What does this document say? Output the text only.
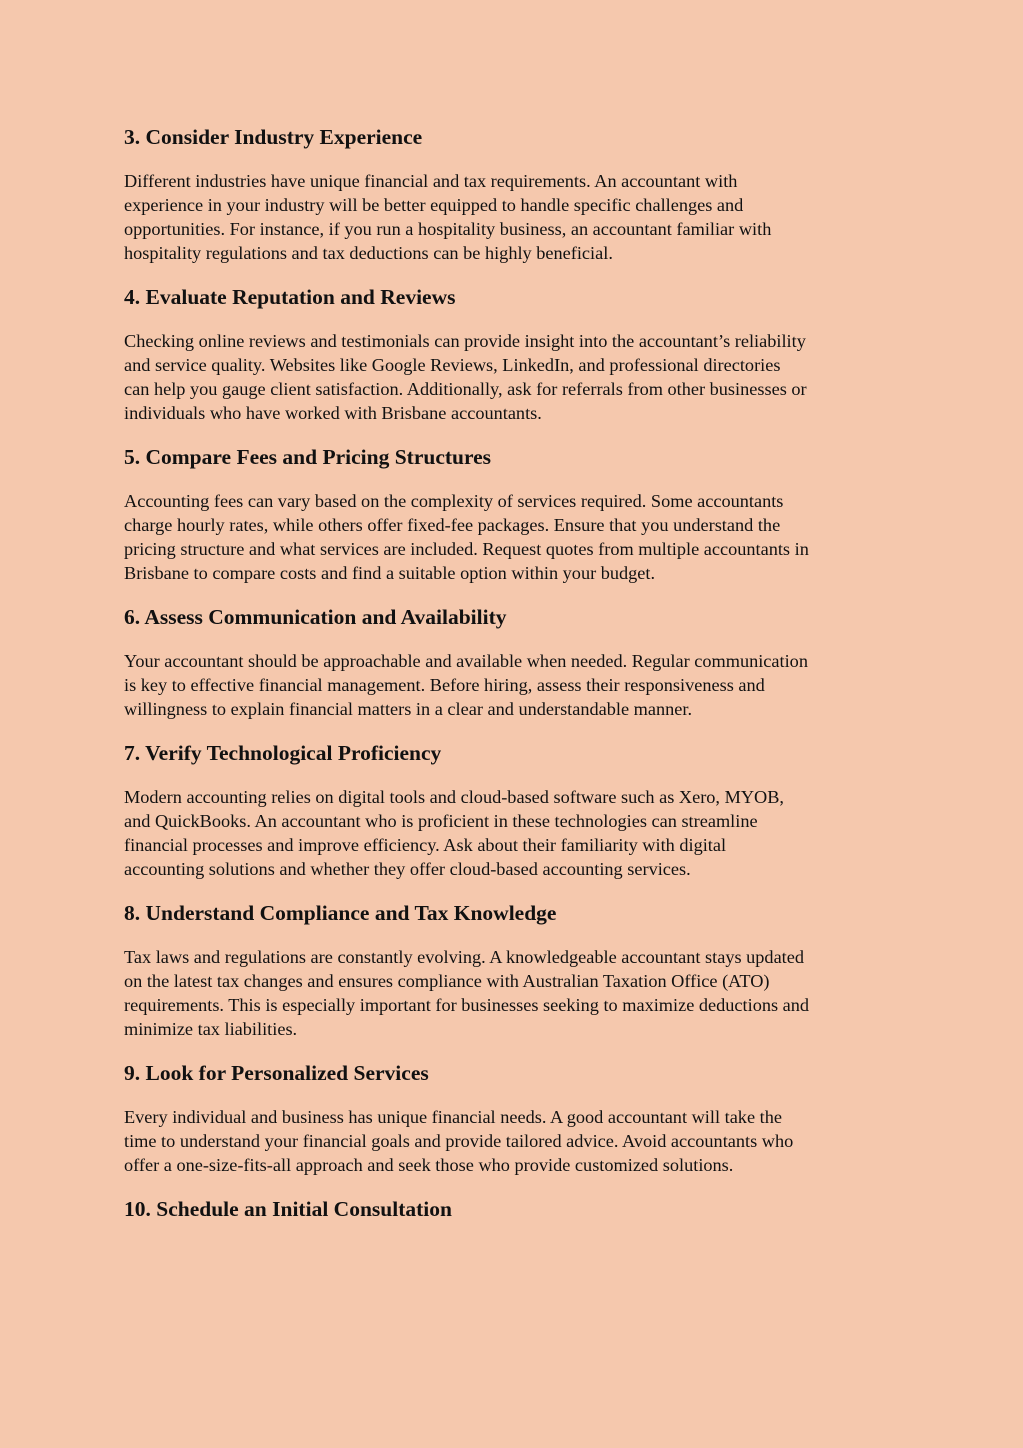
3. Consider Industry Experience

Different industries have unique financial and tax requirements. An accountant with
experience in your industry will be better equipped to handle specific challenges and
opportunities. For instance, if you run a hospitality business, an accountant familiar with
hospitality regulations and tax deductions can be highly beneficial.

4. Evaluate Reputation and Reviews

Checking online reviews and testimonials can provide insight into the accountant’s reliability
and service quality. Websites like Google Reviews, LinkedIn, and professional directories
can help you gauge client satisfaction. Additionally, ask for referrals from other businesses or
individuals who have worked with Brisbane accountants.

5. Compare Fees and Pricing Structures

Accounting fees can vary based on the complexity of services required. Some accountants
charge hourly rates, while others offer fixed-fee packages. Ensure that you understand the
pricing structure and what services are included. Request quotes from multiple accountants in
Brisbane to compare costs and find a suitable option within your budget.

6. Assess Communication and Availability

Your accountant should be approachable and available when needed. Regular communication
is key to effective financial management. Before hiring, assess their responsiveness and
willingness to explain financial matters in a clear and understandable manner.

7. Verify Technological Proficiency

Modern accounting relies on digital tools and cloud-based software such as Xero, MYOB,
and QuickBooks. An accountant who is proficient in these technologies can streamline
financial processes and improve efficiency. Ask about their familiarity with digital
accounting solutions and whether they offer cloud-based accounting services.

8. Understand Compliance and Tax Knowledge

Tax laws and regulations are constantly evolving. A knowledgeable accountant stays updated
on the latest tax changes and ensures compliance with Australian Taxation Office (ATO)
requirements. This is especially important for businesses seeking to maximize deductions and
minimize tax liabilities.

9. Look for Personalized Services

Every individual and business has unique financial needs. A good accountant will take the
time to understand your financial goals and provide tailored advice. Avoid accountants who
offer a one-size-fits-all approach and seek those who provide customized solutions.

10. Schedule an Initial Consultation
